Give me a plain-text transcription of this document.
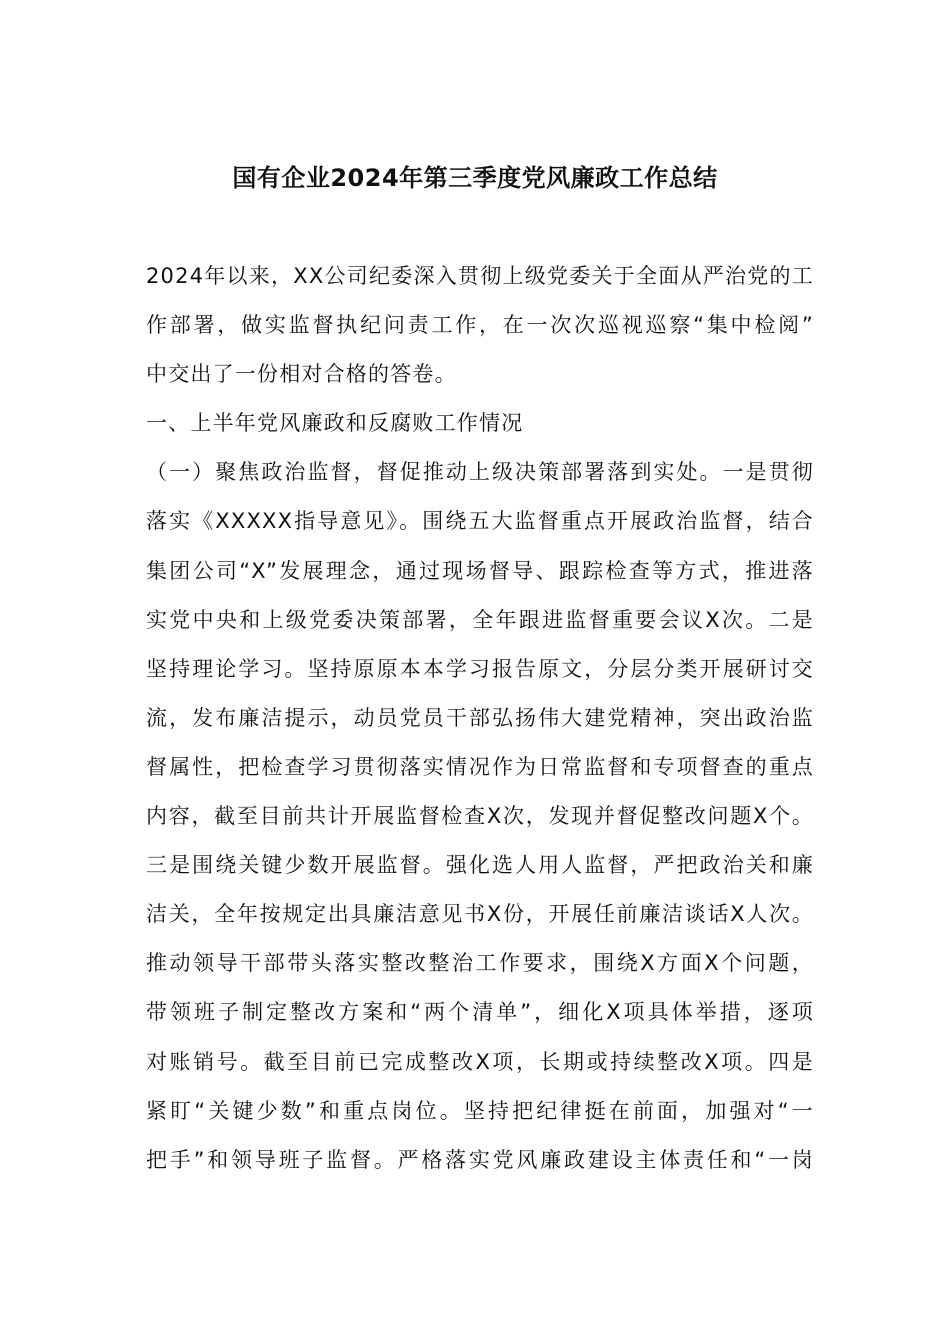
国有企业2024年第三季度党风廉政工作总结
2024年以来，XX公司纪委深入贯彻上级党委关于全面从严治党的工
作部署，做实监督执纪问责工作，在一次次巡视巡察“集中检阅”
中交出了一份相对合格的答卷。
一、上半年党风廉政和反腐败工作情况
（一）聚焦政治监督，督促推动上级决策部署落到实处。一是贯彻
落实《XXXXX指导意见》。围绕五大监督重点开展政治监督，结合
集团公司“X”发展理念，通过现场督导、跟踪检查等方式，推进落
实党中央和上级党委决策部署，全年跟进监督重要会议X次。二是
坚持理论学习。坚持原原本本学习报告原文，分层分类开展研讨交
流，发布廉洁提示，动员党员干部弘扬伟大建党精神，突出政治监
督属性，把检查学习贯彻落实情况作为日常监督和专项督查的重点
内容，截至目前共计开展监督检查X次，发现并督促整改问题X个。
三是围绕关键少数开展监督。强化选人用人监督，严把政治关和廉
洁关，全年按规定出具廉洁意见书X份，开展任前廉洁谈话X人次。
推动领导干部带头落实整改整治工作要求，围绕X方面X个问题，
带领班子制定整改方案和“两个清单”，细化X项具体举措，逐项
对账销号。截至目前已完成整改X项，长期或持续整改X项。四是
紧盯“关键少数”和重点岗位。坚持把纪律挺在前面，加强对“一
把手”和领导班子监督。严格落实党风廉政建设主体责任和“一岗
